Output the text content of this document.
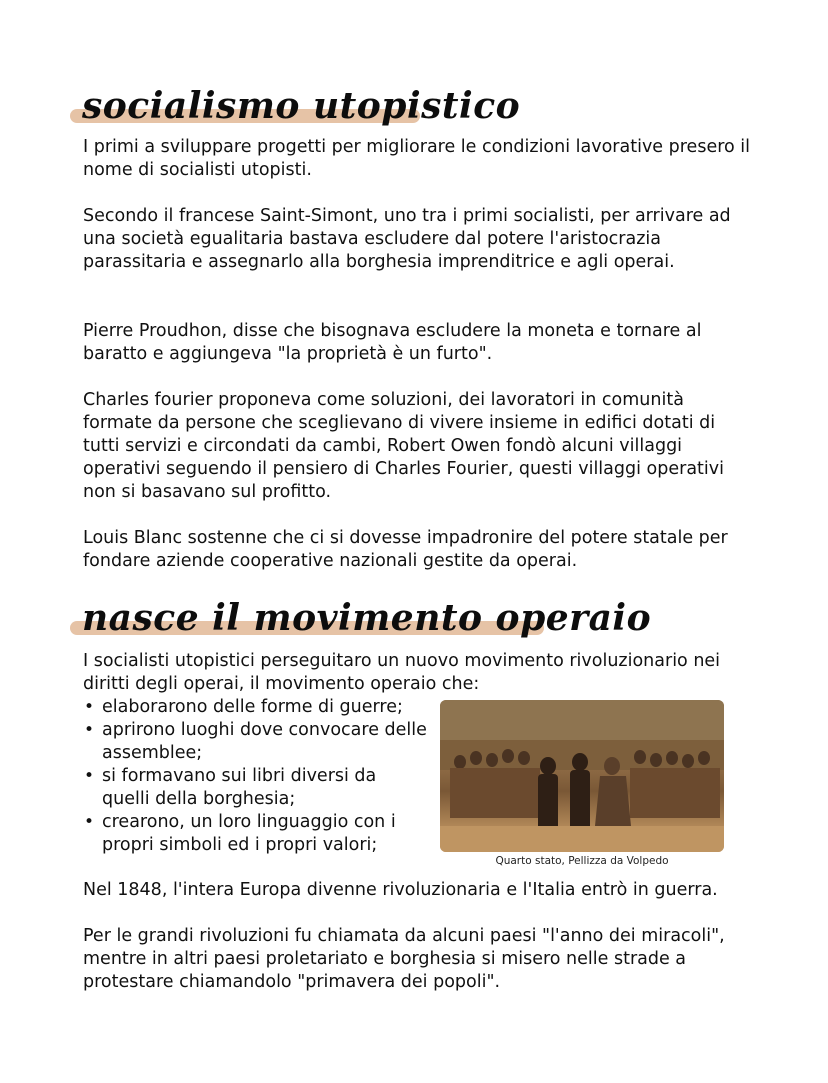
socialismo utopistico

I primi a sviluppare progetti per migliorare le condizioni lavorative presero il nome di socialisti utopisti.

Secondo il francese Saint-Simont, uno tra i primi socialisti, per arrivare ad una società egualitaria bastava escludere dal potere l'aristocrazia parassitaria e assegnarlo alla borghesia imprenditrice e agli operai.

Pierre Proudhon, disse che bisognava escludere la moneta e tornare al baratto e aggiungeva "la proprietà è un furto".

Charles fourier proponeva come soluzioni, dei lavoratori in comunità formate da persone che sceglievano di vivere insieme in edifici dotati di tutti servizi e circondati da cambi, Robert Owen fondò alcuni villaggi operativi seguendo il pensiero di Charles Fourier, questi villaggi operativi non si basavano sul profitto.

Louis Blanc sostenne che ci si dovesse impadronire del potere statale per fondare aziende cooperative nazionali gestite da operai.

nasce il movimento operaio

I socialisti utopistici perseguitaro un nuovo movimento rivoluzionario nei diritti degli operai, il movimento operaio che:

• elaborarono delle forme di guerre;
• aprirono luoghi dove convocare delle assemblee;
• si formavano sui libri diversi da quelli della borghesia;
• crearono, un loro linguaggio con i propri simboli ed i propri valori;
Quarto stato, Pellizza da Volpedo

Nel 1848, l'intera Europa divenne rivoluzionaria e l'Italia entrò in guerra.

Per le grandi rivoluzioni fu chiamata da alcuni paesi "l'anno dei miracoli", mentre in altri paesi proletariato e borghesia si misero nelle strade a protestare chiamandolo "primavera dei popoli".
